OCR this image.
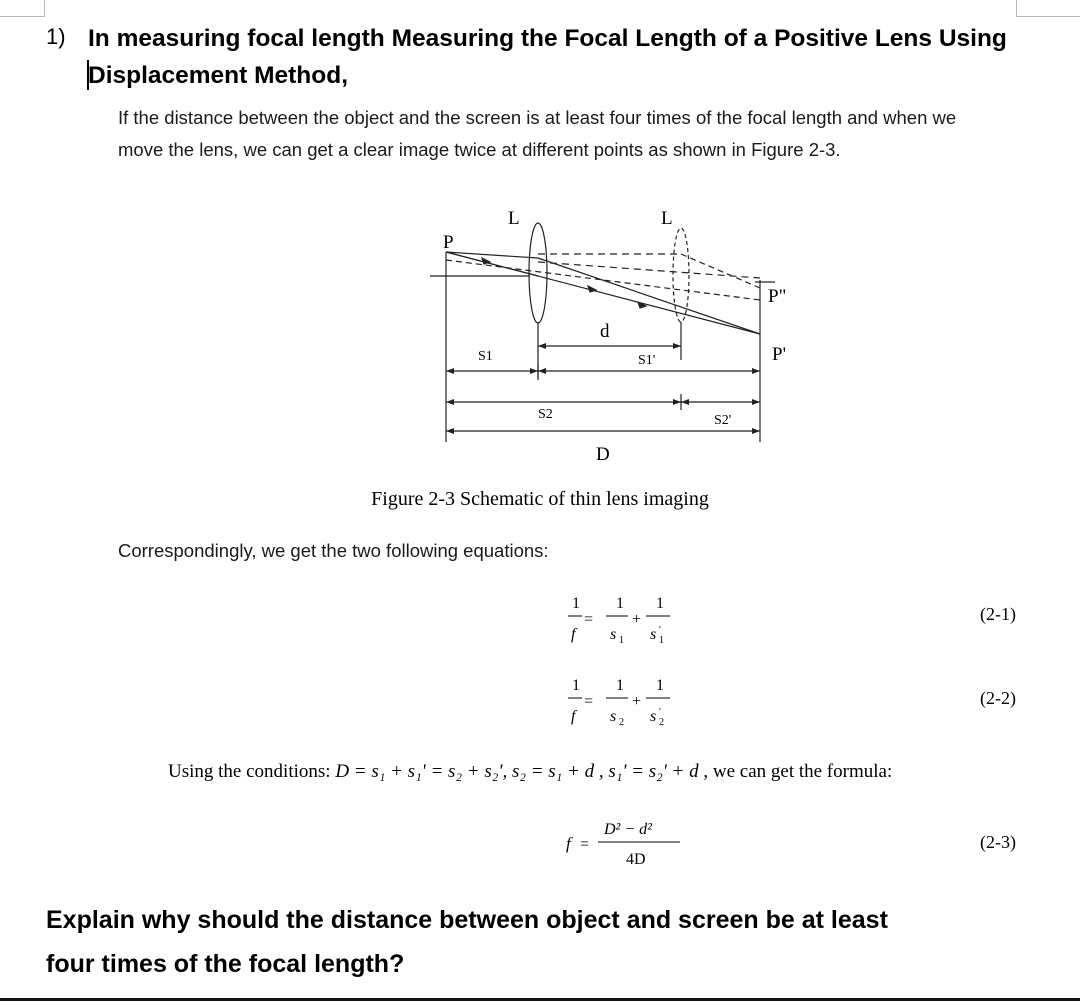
1) In measuring focal length Measuring the Focal Length of a Positive Lens Using
Displacement Method,
If the distance between the object and the screen is at least four times of the focal length and when we
move the lens, we can get a clear image twice at different points as shown in Figure 2-3.
L	L
P
P"
P'
d
S1	S1'
S2	S2'
D
Figure 2-3 Schematic of thin lens imaging
Correspondingly, we get the two following equations:
1
f
=
1
s 1
+
1
s 1
'
(2-1)
1
f
=
1
s 2
+
1
s 2
'
(2-2)
Using the conditions: D = s₁ + s₁' = s₂ + s₂', s₂ = s₁ + d , s₁' = s₂' + d , we can get the formula:
f =
D² − d²
4D
(2-3)
Explain why should the distance between object and screen be at least
four times of the focal length?
